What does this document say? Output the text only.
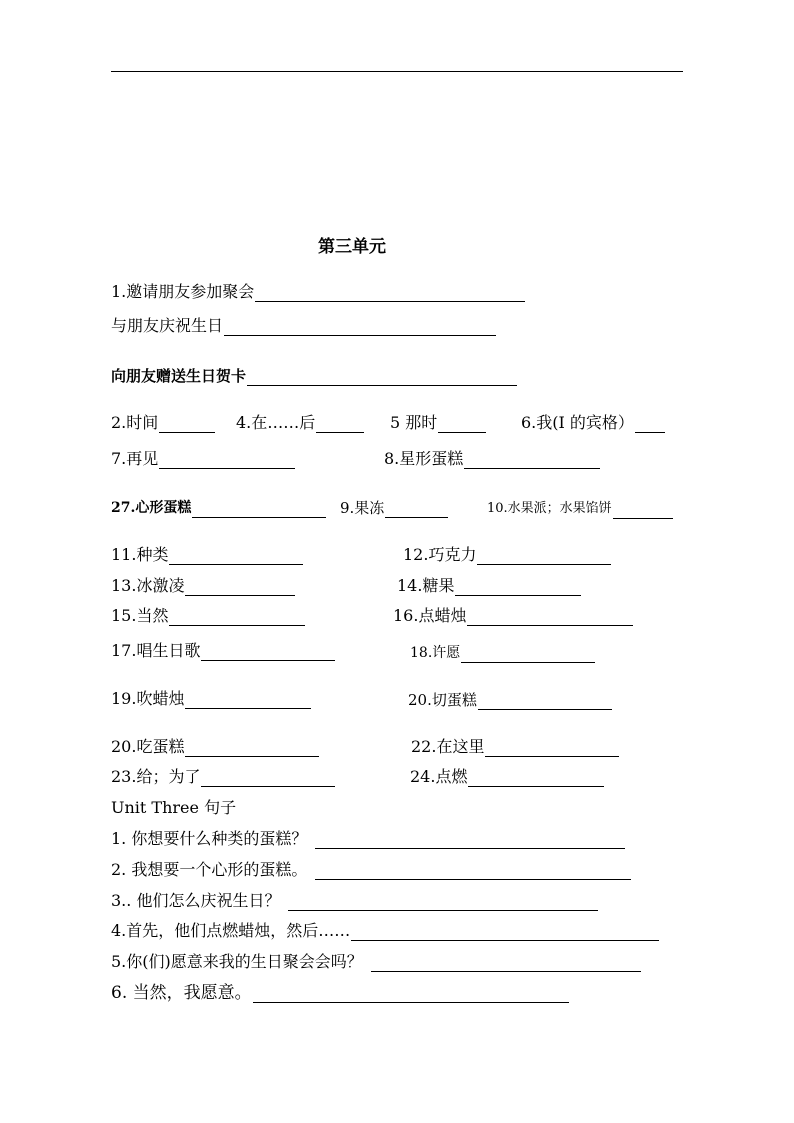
第三单元
1.邀请朋友参加聚会
与朋友庆祝生日
向朋友赠送生日贺卡
2.时间	4.在……后	5 那时	6.我(I 的宾格）
7.再见	8.星形蛋糕
27.心形蛋糕	9.果冻	10.水果派；水果馅饼
11.种类	12.巧克力
13.冰激凌	14.糖果
15.当然	16.点蜡烛
17.唱生日歌	18.许愿
19.吹蜡烛	20.切蛋糕
20.吃蛋糕	22.在这里
23.给；为了	24.点燃
Unit Three 句子
1. 你想要什么种类的蛋糕？
2. 我想要一个心形的蛋糕。
3.. 他们怎么庆祝生日？
4.首先，他们点燃蜡烛，然后……
5.你(们)愿意来我的生日聚会会吗？
6. 当然，我愿意。
